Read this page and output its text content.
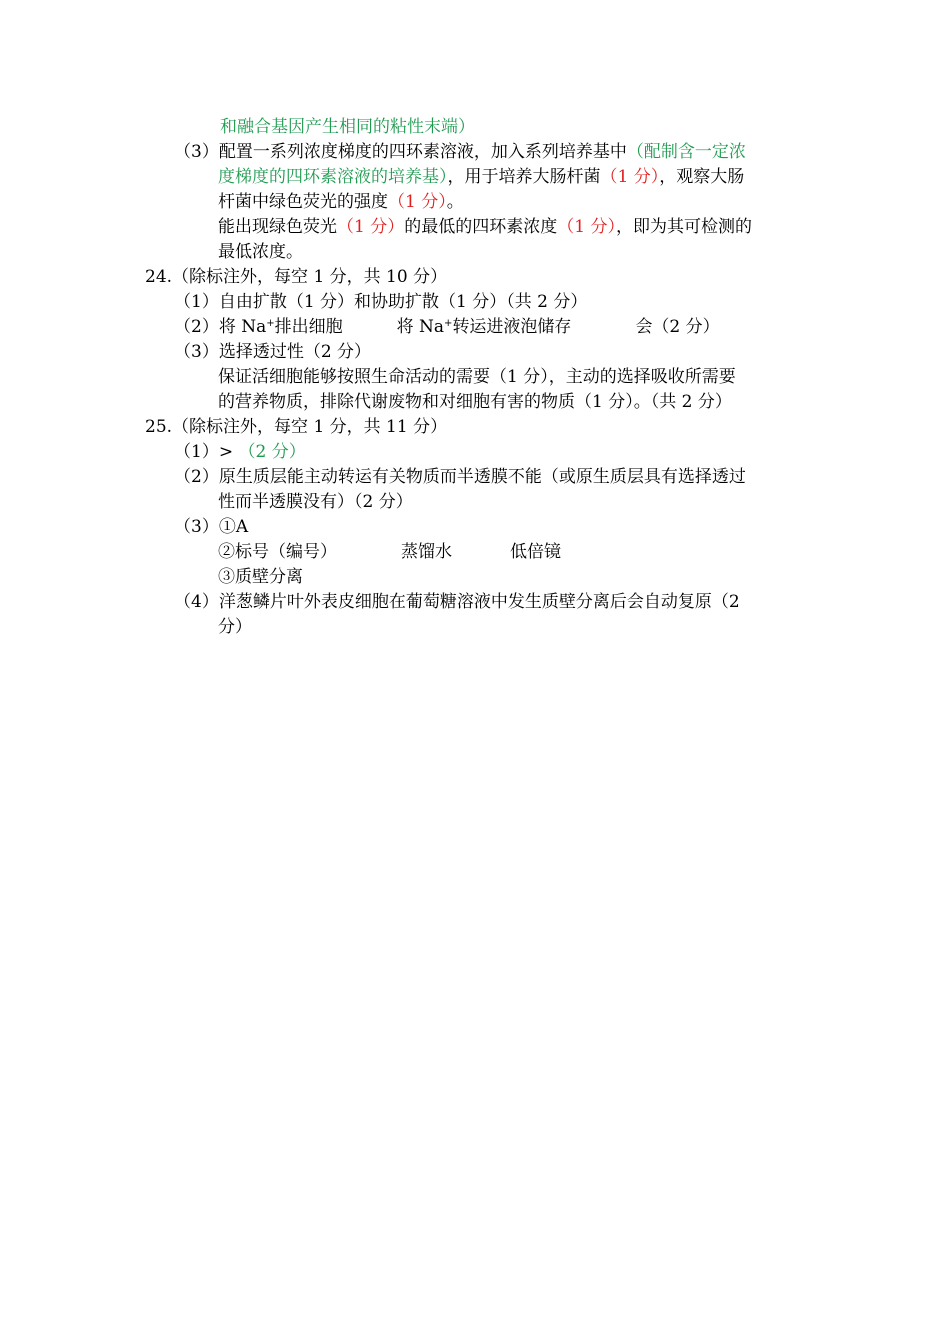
和融合基因产生相同的粘性末端）
（3）配置一系列浓度梯度的四环素溶液，加入系列培养基中（配制含一定浓
度梯度的四环素溶液的培养基），用于培养大肠杆菌（1 分），观察大肠
杆菌中绿色荧光的强度（1 分）。
能出现绿色荧光（1 分）的最低的四环素浓度（1 分），即为其可检测的
最低浓度。
24.（除标注外，每空 1 分，共 10 分）
（1）自由扩散（1 分）和协助扩散（1 分）（共 2 分）
（2）将 Na+排出细胞	将 Na+转运进液泡储存	会（2 分）
（3）选择透过性（2 分）
保证活细胞能够按照生命活动的需要（1 分），主动的选择吸收所需要
的营养物质，排除代谢废物和对细胞有害的物质（1 分）。（共 2 分）
25.（除标注外，每空 1 分，共 11 分）
（1）> （2 分）
（2）原生质层能主动转运有关物质而半透膜不能（或原生质层具有选择透过
性而半透膜没有）（2 分）
（3）①A
②标号（编号）	蒸馏水	低倍镜
③质壁分离
（4）洋葱鳞片叶外表皮细胞在葡萄糖溶液中发生质壁分离后会自动复原（2
分）
